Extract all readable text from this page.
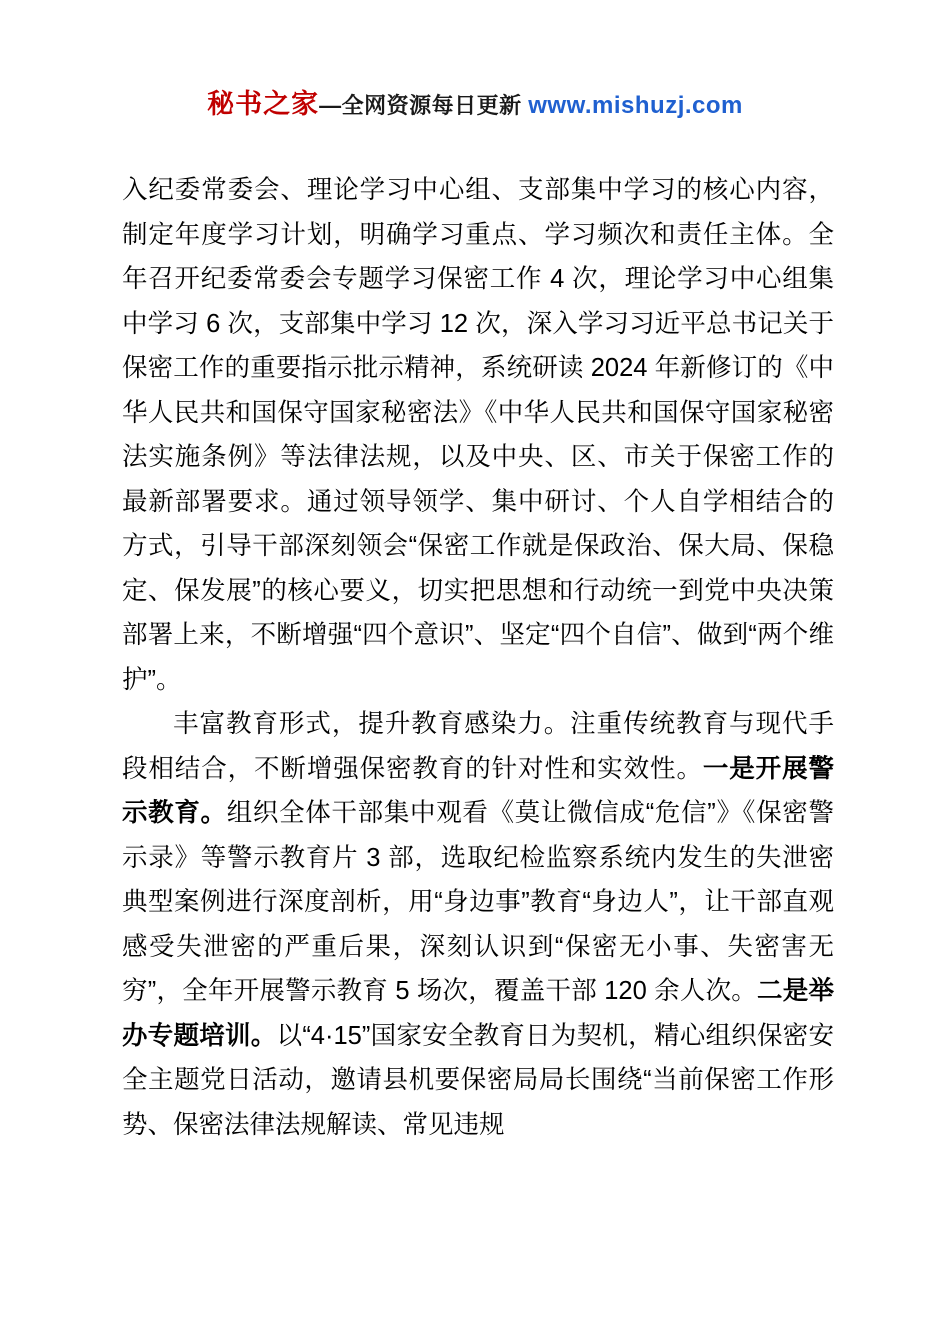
秘书之家—全网资源每日更新 www.mishuzj.com

入纪委常委会、理论学习中心组、支部集中学习的核心内容，制定年度学习计划，明确学习重点、学习频次和责任主体。全年召开纪委常委会专题学习保密工作 4 次，理论学习中心组集中学习 6 次，支部集中学习 12 次，深入学习习近平总书记关于保密工作的重要指示批示精神，系统研读 2024 年新修订的《中华人民共和国保守国家秘密法》《中华人民共和国保守国家秘密法实施条例》等法律法规，以及中央、区、市关于保密工作的最新部署要求。通过领导领学、集中研讨、个人自学相结合的方式，引导干部深刻领会“保密工作就是保政治、保大局、保稳定、保发展”的核心要义，切实把思想和行动统一到党中央决策部署上来，不断增强“四个意识”、坚定“四个自信”、做到“两个维护”。

丰富教育形式，提升教育感染力。注重传统教育与现代手段相结合，不断增强保密教育的针对性和实效性。一是开展警示教育。组织全体干部集中观看《莫让微信成“危信”》《保密警示录》等警示教育片 3 部，选取纪检监察系统内发生的失泄密典型案例进行深度剖析，用“身边事”教育“身边人”，让干部直观感受失泄密的严重后果，深刻认识到“保密无小事、失密害无穷”，全年开展警示教育 5 场次，覆盖干部 120 余人次。二是举办专题培训。以“4·15”国家安全教育日为契机，精心组织保密安全主题党日活动，邀请县机要保密局局长围绕“当前保密工作形势、保密法律法规解读、常见违规
